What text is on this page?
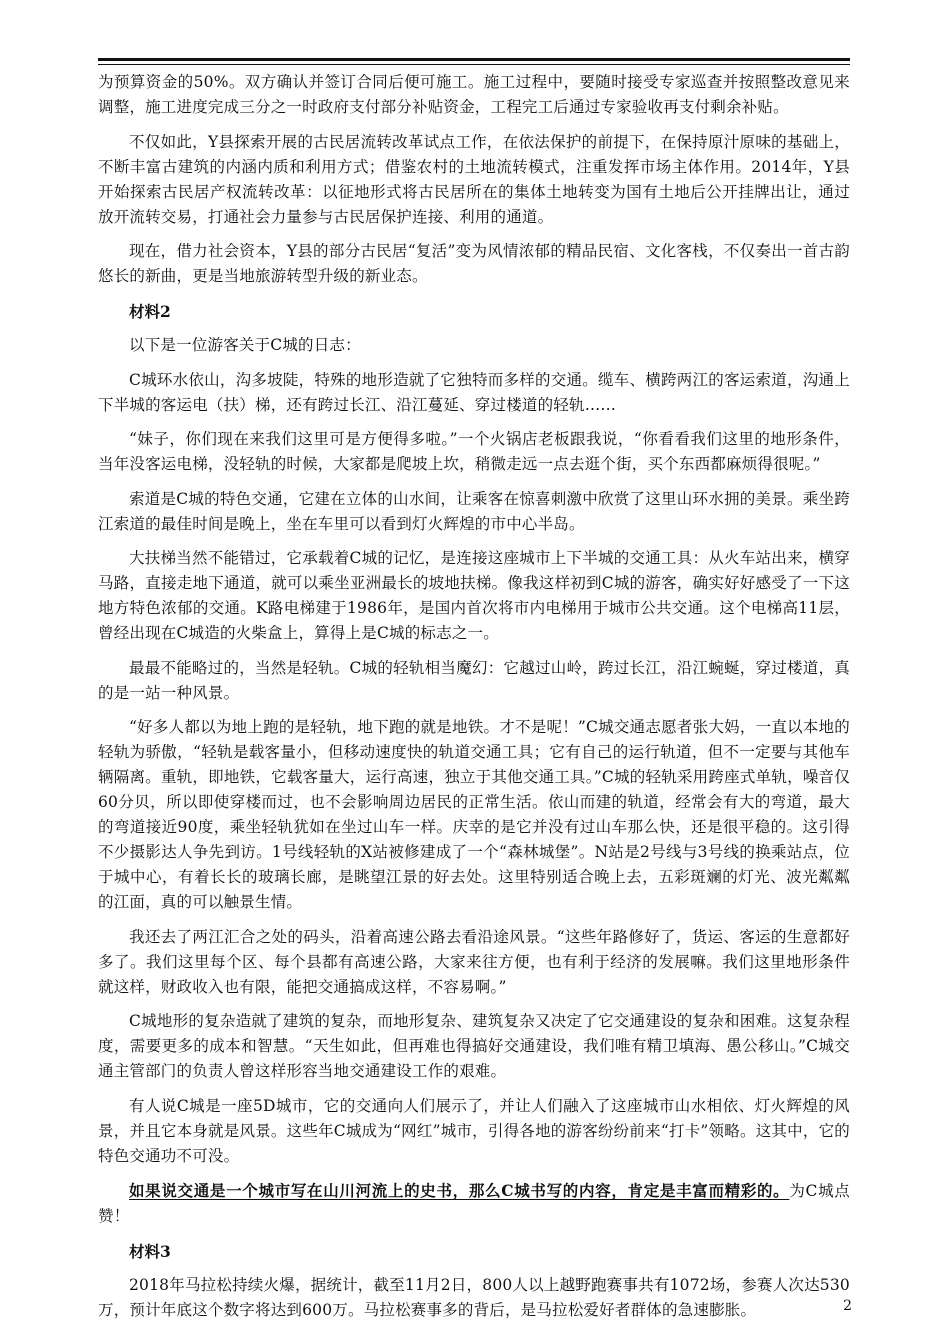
为预算资金的50%。双方确认并签订合同后便可施工。施工过程中，要随时接受专家巡查并按照整改意见来调整，施工进度完成三分之一时政府支付部分补贴资金，工程完工后通过专家验收再支付剩余补贴。

不仅如此，Y县探索开展的古民居流转改革试点工作，在依法保护的前提下，在保持原汁原味的基础上，不断丰富古建筑的内涵内质和利用方式；借鉴农村的土地流转模式，注重发挥市场主体作用。2014年，Y县开始探索古民居产权流转改革：以征地形式将古民居所在的集体土地转变为国有土地后公开挂牌出让，通过放开流转交易，打通社会力量参与古民居保护连接、利用的通道。

现在，借力社会资本，Y县的部分古民居“复活”变为风情浓郁的精品民宿、文化客栈，不仅奏出一首古韵悠长的新曲，更是当地旅游转型升级的新业态。

材料2

以下是一位游客关于C城的日志：

C城环水依山，沟多坡陡，特殊的地形造就了它独特而多样的交通。缆车、横跨两江的客运索道，沟通上下半城的客运电（扶）梯，还有跨过长江、沿江蔓延、穿过楼道的轻轨……

“妹子，你们现在来我们这里可是方便得多啦。”一个火锅店老板跟我说，“你看看我们这里的地形条件，当年没客运电梯，没轻轨的时候，大家都是爬坡上坎，稍微走远一点去逛个街，买个东西都麻烦得很呢。”

索道是C城的特色交通，它建在立体的山水间，让乘客在惊喜刺激中欣赏了这里山环水拥的美景。乘坐跨江索道的最佳时间是晚上，坐在车里可以看到灯火辉煌的市中心半岛。

大扶梯当然不能错过，它承载着C城的记忆，是连接这座城市上下半城的交通工具：从火车站出来，横穿马路，直接走地下通道，就可以乘坐亚洲最长的坡地扶梯。像我这样初到C城的游客，确实好好感受了一下这地方特色浓郁的交通。K路电梯建于1986年，是国内首次将市内电梯用于城市公共交通。这个电梯高11层，曾经出现在C城造的火柴盒上，算得上是C城的标志之一。

最最不能略过的，当然是轻轨。C城的轻轨相当魔幻：它越过山岭，跨过长江，沿江蜿蜒，穿过楼道，真的是一站一种风景。

“好多人都以为地上跑的是轻轨，地下跑的就是地铁。才不是呢！”C城交通志愿者张大妈，一直以本地的轻轨为骄傲，“轻轨是载客量小，但移动速度快的轨道交通工具；它有自己的运行轨道，但不一定要与其他车辆隔离。重轨，即地铁，它载客量大，运行高速，独立于其他交通工具。”C城的轻轨采用跨座式单轨，噪音仅60分贝，所以即使穿楼而过，也不会影响周边居民的正常生活。依山而建的轨道，经常会有大的弯道，最大的弯道接近90度，乘坐轻轨犹如在坐过山车一样。庆幸的是它并没有过山车那么快，还是很平稳的。这引得不少摄影达人争先到访。1号线轻轨的X站被修建成了一个“森林城堡”。N站是2号线与3号线的换乘站点，位于城中心，有着长长的玻璃长廊，是眺望江景的好去处。这里特别适合晚上去，五彩斑斓的灯光、波光粼粼的江面，真的可以触景生情。

我还去了两江汇合之处的码头，沿着高速公路去看沿途风景。“这些年路修好了，货运、客运的生意都好多了。我们这里每个区、每个县都有高速公路，大家来往方便，也有利于经济的发展嘛。我们这里地形条件就这样，财政收入也有限，能把交通搞成这样，不容易啊。”

C城地形的复杂造就了建筑的复杂，而地形复杂、建筑复杂又决定了它交通建设的复杂和困难。这复杂程度，需要更多的成本和智慧。“天生如此，但再难也得搞好交通建设，我们唯有精卫填海、愚公移山。”C城交通主管部门的负责人曾这样形容当地交通建设工作的艰难。

有人说C城是一座5D城市，它的交通向人们展示了，并让人们融入了这座城市山水相依、灯火辉煌的风景，并且它本身就是风景。这些年C城成为“网红”城市，引得各地的游客纷纷前来“打卡”领略。这其中，它的特色交通功不可没。

如果说交通是一个城市写在山川河流上的史书，那么C城书写的内容，肯定是丰富而精彩的。为C城点赞！

材料3

2018年马拉松持续火爆，据统计，截至11月2日，800人以上越野跑赛事共有1072场，参赛人次达530万，预计年底这个数字将达到600万。马拉松赛事多的背后，是马拉松爱好者群体的急速膨胀。	2
